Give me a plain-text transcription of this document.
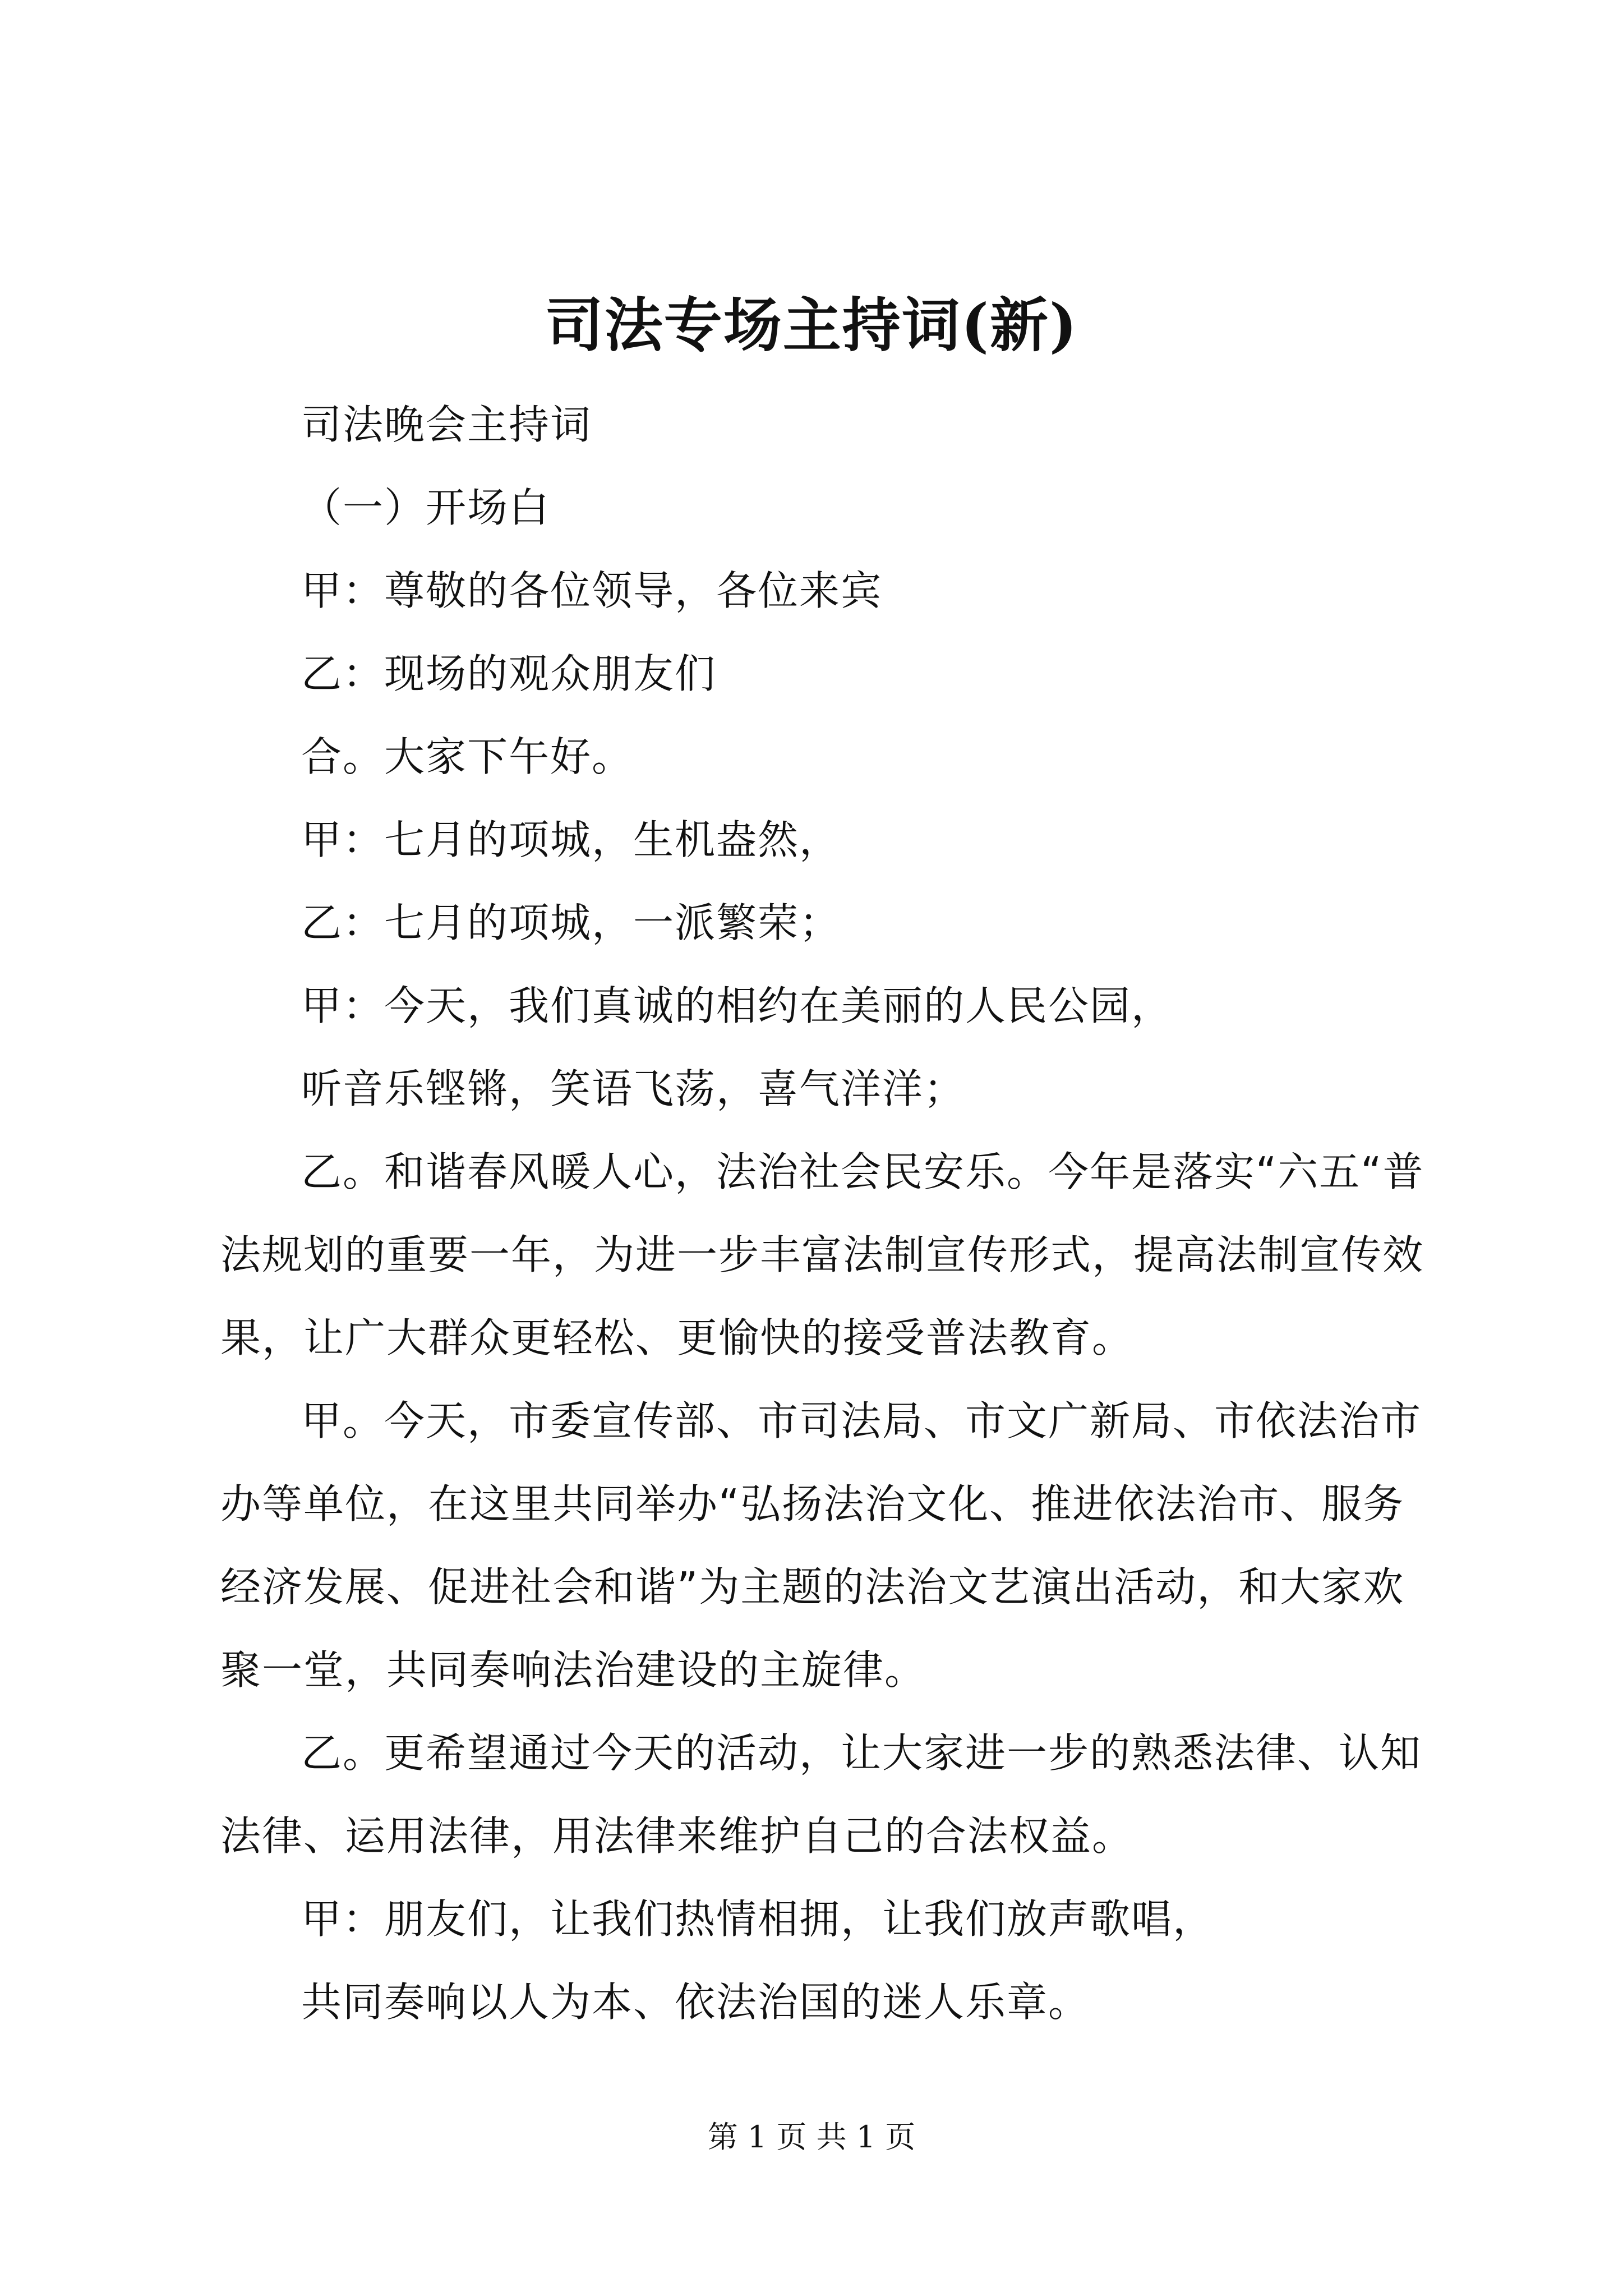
司法专场主持词(新)

司法晚会主持词

（一）开场白

甲：尊敬的各位领导，各位来宾

乙：现场的观众朋友们

合。大家下午好。

甲：七月的项城，生机盎然，

乙：七月的项城，一派繁荣；

甲：今天，我们真诚的相约在美丽的人民公园，

听音乐铿锵，笑语飞荡，喜气洋洋；

乙。和谐春风暖人心，法治社会民安乐。今年是落实“六五“普法规划的重要一年，为进一步丰富法制宣传形式，提高法制宣传效果，让广大群众更轻松、更愉快的接受普法教育。

甲。今天，市委宣传部、市司法局、市文广新局、市依法治市办等单位，在这里共同举办“弘扬法治文化、推进依法治市、服务经济发展、促进社会和谐”为主题的法治文艺演出活动，和大家欢聚一堂，共同奏响法治建设的主旋律。

乙。更希望通过今天的活动，让大家进一步的熟悉法律、认知法律、运用法律，用法律来维护自己的合法权益。

甲：朋友们，让我们热情相拥，让我们放声歌唱，

共同奏响以人为本、依法治国的迷人乐章。

第 1 页 共 1 页
